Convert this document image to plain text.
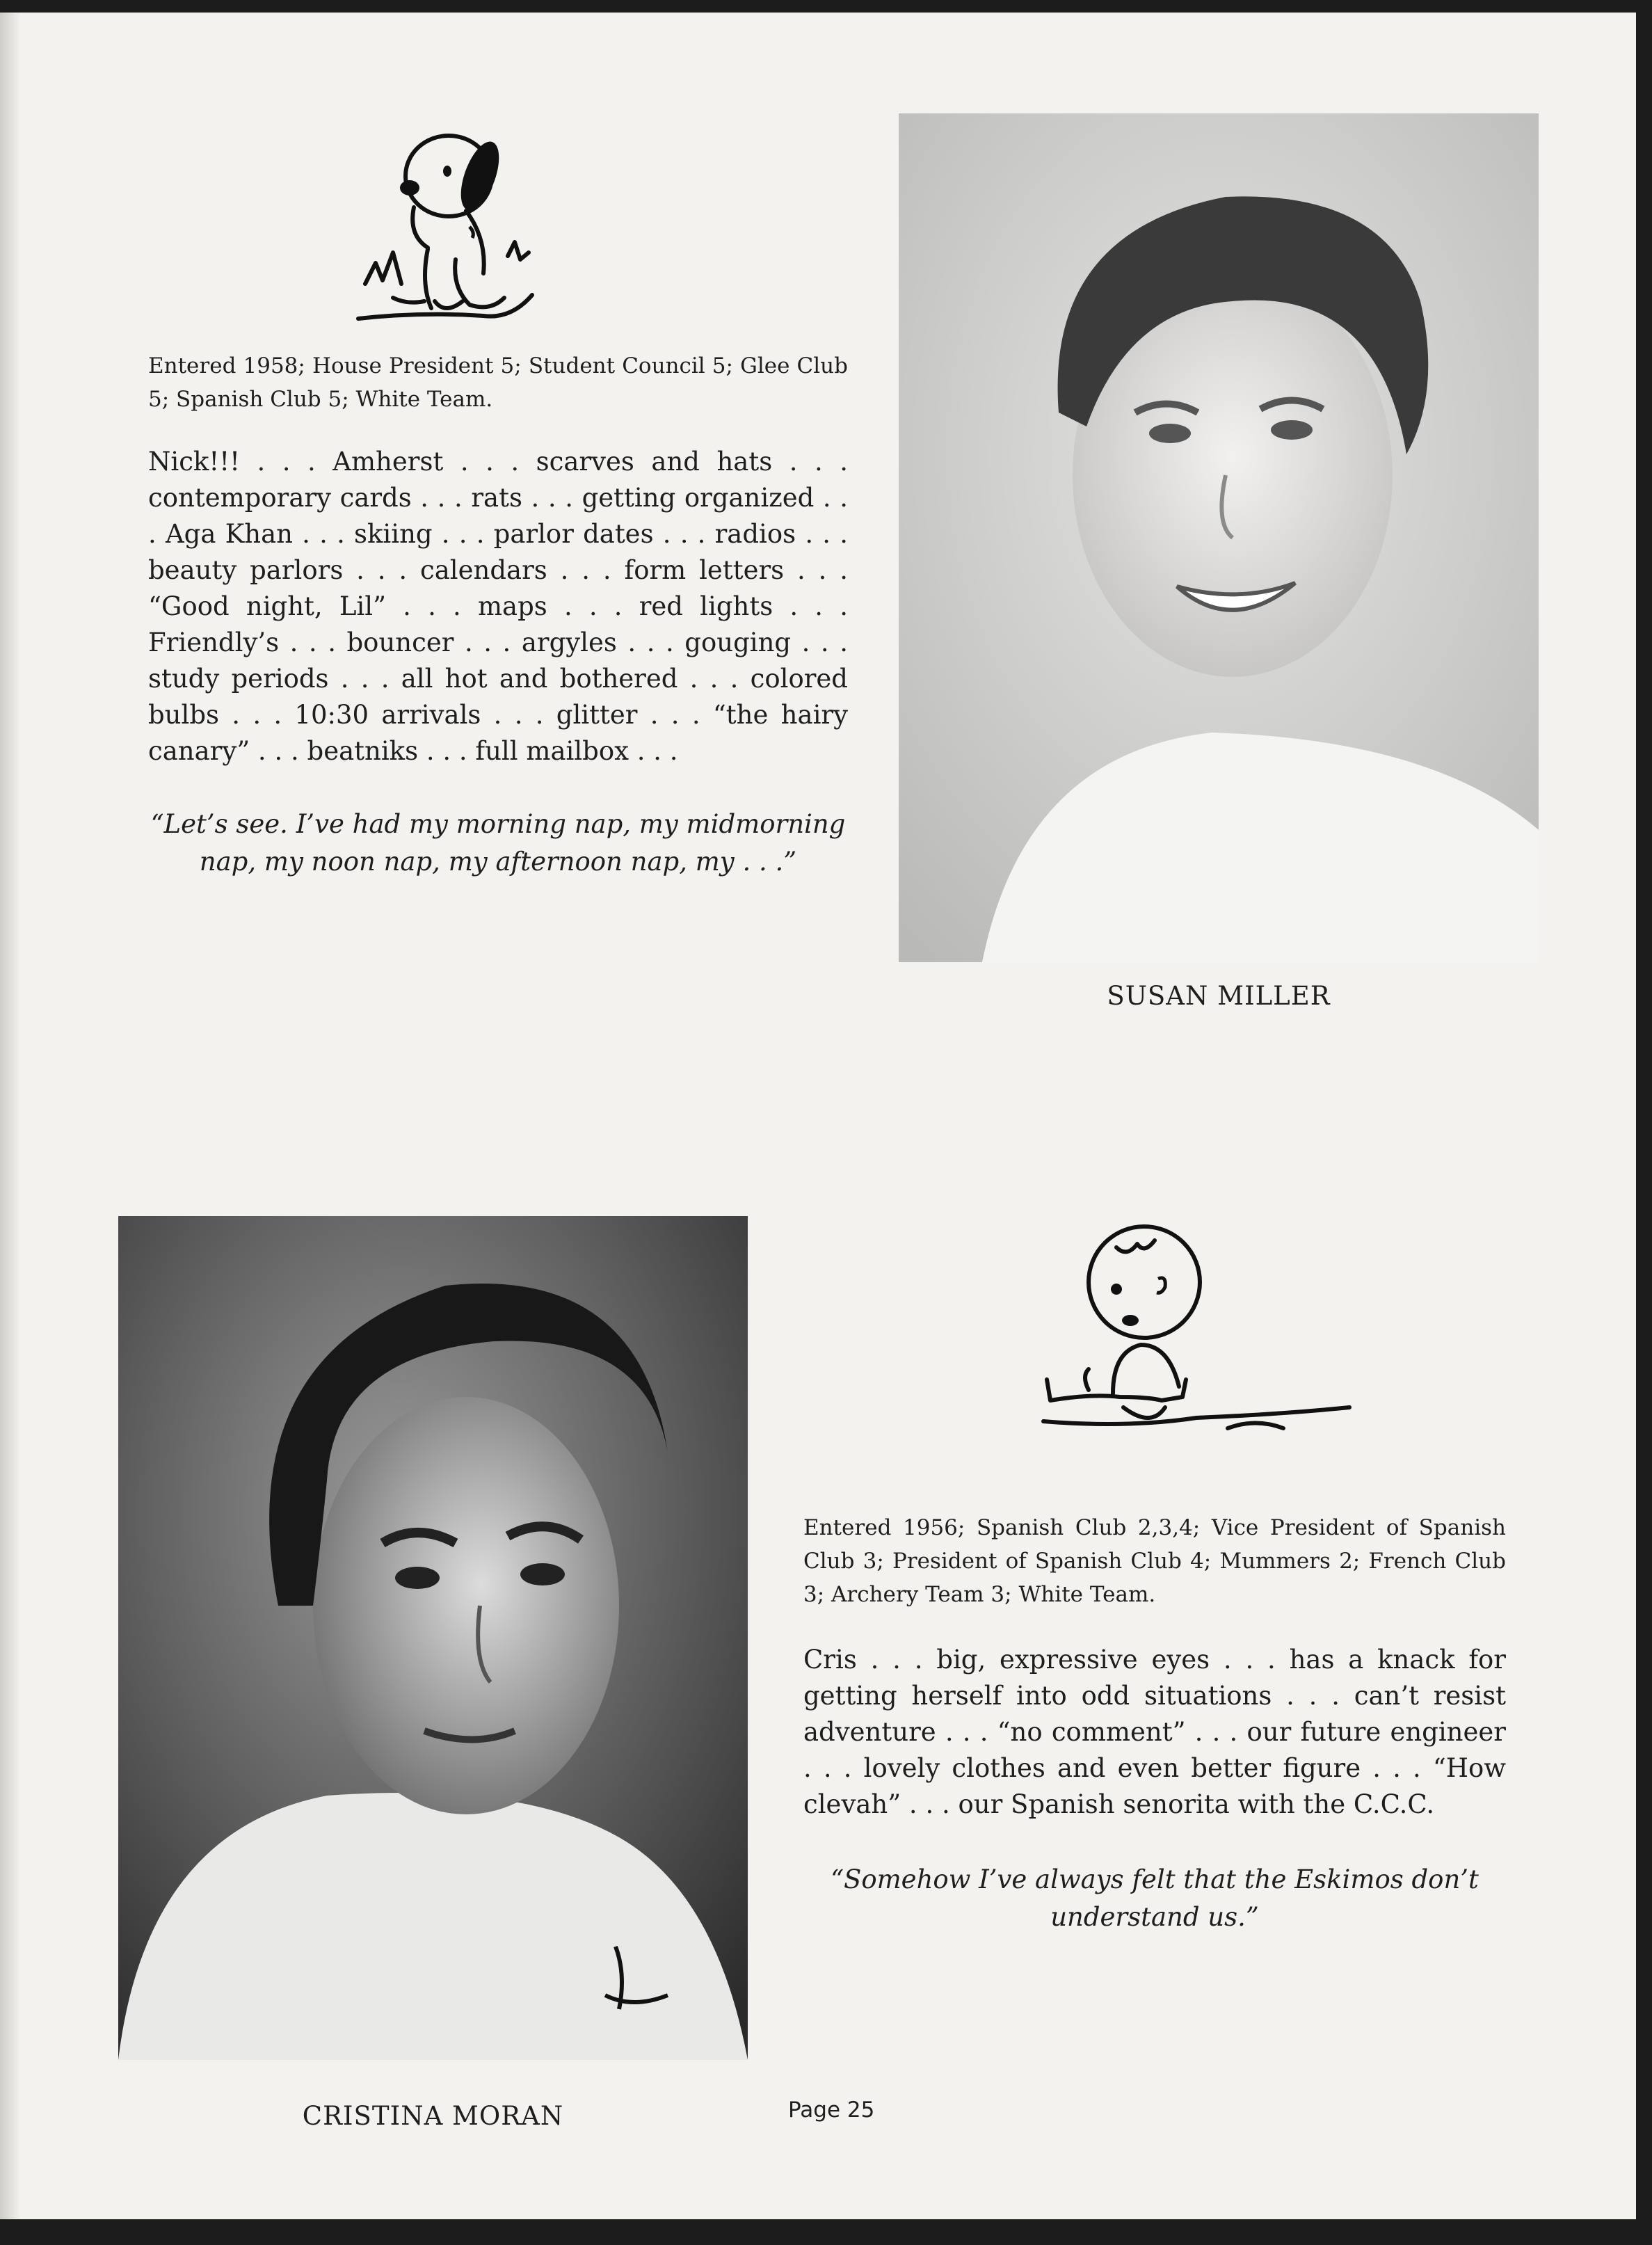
Entered 1958; House President 5; Student Council 5; Glee Club 5; Spanish Club 5; White Team.
Nick!!! . . . Amherst . . . scarves and hats . . . contemporary cards . . . rats . . . getting organized . . . Aga Khan . . . skiing . . . parlor dates . . . radios . . . beauty parlors . . . calendars . . . form letters . . . “Good night, Lil” . . . maps . . . red lights . . . Friendly’s . . . bouncer . . . argyles . . . gouging . . . study periods . . . all hot and bothered . . . colored bulbs . . . 10:30 arrivals . . . glitter . . . “the hairy canary” . . . beatniks . . . full mailbox . . .
“Let’s see. I’ve had my morning nap, my midmorning nap, my noon nap, my afternoon nap, my . . .”
SUSAN MILLER
CRISTINA MORAN
Entered 1956; Spanish Club 2,3,4; Vice President of Spanish Club 3; President of Spanish Club 4; Mummers 2; French Club 3; Archery Team 3; White Team.
Cris . . . big, expressive eyes . . . has a knack for getting herself into odd situations . . . can’t resist adventure . . . “no comment” . . . our future engineer . . . lovely clothes and even better figure . . . “How clevah” . . . our Spanish senorita with the C.C.C.
“Somehow I’ve always felt that the Eskimos don’t understand us.”
Page 25
